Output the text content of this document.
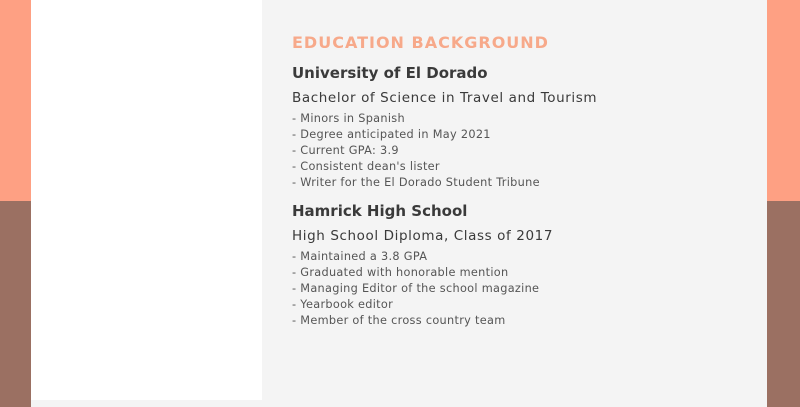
EDUCATION BACKGROUND
University of El Dorado
Bachelor of Science in Travel and Tourism
- Minors in Spanish
- Degree anticipated in May 2021
- Current GPA: 3.9
- Consistent dean's lister
- Writer for the El Dorado Student Tribune
Hamrick High School
High School Diploma, Class of 2017
- Maintained a 3.8 GPA
- Graduated with honorable mention
- Managing Editor of the school magazine
- Yearbook editor
- Member of the cross country team
